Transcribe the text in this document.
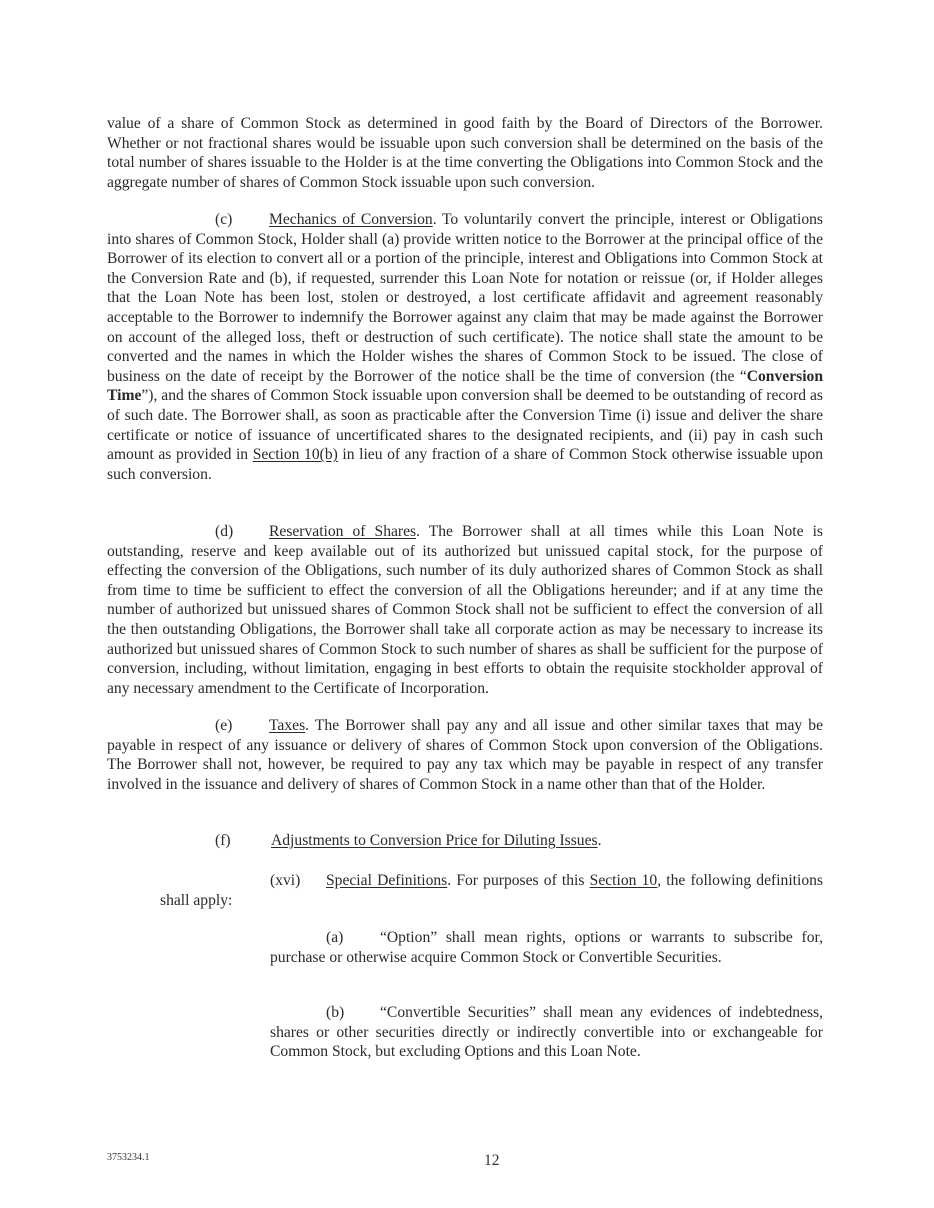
value of a share of Common Stock as determined in good faith by the Board of Directors of the Borrower. Whether or not fractional shares would be issuable upon such conversion shall be determined on the basis of the total number of shares issuable to the Holder is at the time converting the Obligations into Common Stock and the aggregate number of shares of Common Stock issuable upon such conversion.

(c) Mechanics of Conversion. To voluntarily convert the principle, interest or Obligations into shares of Common Stock, Holder shall (a) provide written notice to the Borrower at the principal office of the Borrower of its election to convert all or a portion of the principle, interest and Obligations into Common Stock at the Conversion Rate and (b), if requested, surrender this Loan Note for notation or reissue (or, if Holder alleges that the Loan Note has been lost, stolen or destroyed, a lost certificate affidavit and agreement reasonably acceptable to the Borrower to indemnify the Borrower against any claim that may be made against the Borrower on account of the alleged loss, theft or destruction of such certificate). The notice shall state the amount to be converted and the names in which the Holder wishes the shares of Common Stock to be issued. The close of business on the date of receipt by the Borrower of the notice shall be the time of conversion (the “Conversion Time”), and the shares of Common Stock issuable upon conversion shall be deemed to be outstanding of record as of such date. The Borrower shall, as soon as practicable after the Conversion Time (i) issue and deliver the share certificate or notice of issuance of uncertificated shares to the designated recipients, and (ii) pay in cash such amount as provided in Section 10(b) in lieu of any fraction of a share of Common Stock otherwise issuable upon such conversion.

(d) Reservation of Shares. The Borrower shall at all times while this Loan Note is outstanding, reserve and keep available out of its authorized but unissued capital stock, for the purpose of effecting the conversion of the Obligations, such number of its duly authorized shares of Common Stock as shall from time to time be sufficient to effect the conversion of all the Obligations hereunder; and if at any time the number of authorized but unissued shares of Common Stock shall not be sufficient to effect the conversion of all the then outstanding Obligations, the Borrower shall take all corporate action as may be necessary to increase its authorized but unissued shares of Common Stock to such number of shares as shall be sufficient for the purpose of conversion, including, without limitation, engaging in best efforts to obtain the requisite stockholder approval of any necessary amendment to the Certificate of Incorporation.

(e) Taxes. The Borrower shall pay any and all issue and other similar taxes that may be payable in respect of any issuance or delivery of shares of Common Stock upon conversion of the Obligations. The Borrower shall not, however, be required to pay any tax which may be payable in respect of any transfer involved in the issuance and delivery of shares of Common Stock in a name other than that of the Holder.

(f)	Adjustments to Conversion Price for Diluting Issues.

(xvi) Special Definitions. For purposes of this Section 10, the following definitions shall apply:

(a) “Option” shall mean rights, options or warrants to subscribe for, purchase or otherwise acquire Common Stock or Convertible Securities.

(b) “Convertible Securities” shall mean any evidences of indebtedness, shares or other securities directly or indirectly convertible into or exchangeable for Common Stock, but excluding Options and this Loan Note.

3753234.1	12
